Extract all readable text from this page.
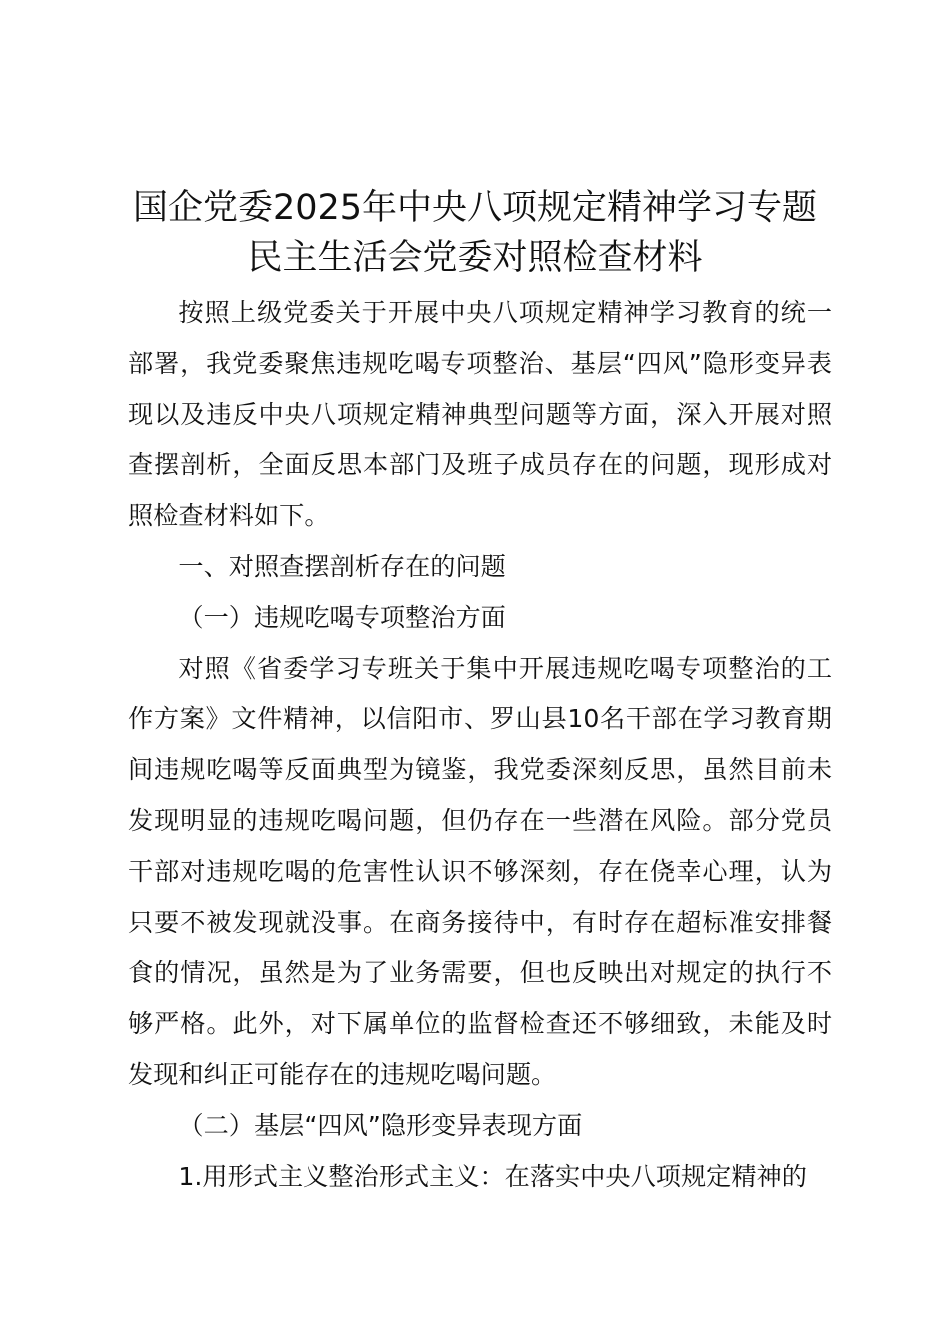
国企党委2025年中央八项规定精神学习专题
民主生活会党委对照检查材料

按照上级党委关于开展中央八项规定精神学习教育的统一部署，我党委聚焦违规吃喝专项整治、基层“四风”隐形变异表现以及违反中央八项规定精神典型问题等方面，深入开展对照查摆剖析，全面反思本部门及班子成员存在的问题，现形成对照检查材料如下。

一、对照查摆剖析存在的问题

（一）违规吃喝专项整治方面

对照《省委学习专班关于集中开展违规吃喝专项整治的工作方案》文件精神，以信阳市、罗山县10名干部在学习教育期间违规吃喝等反面典型为镜鉴，我党委深刻反思，虽然目前未发现明显的违规吃喝问题，但仍存在一些潜在风险。部分党员干部对违规吃喝的危害性认识不够深刻，存在侥幸心理，认为只要不被发现就没事。在商务接待中，有时存在超标准安排餐食的情况，虽然是为了业务需要，但也反映出对规定的执行不够严格。此外，对下属单位的监督检查还不够细致，未能及时发现和纠正可能存在的违规吃喝问题。

（二）基层“四风”隐形变异表现方面

1.用形式主义整治形式主义：在落实中央八项规定精神的
